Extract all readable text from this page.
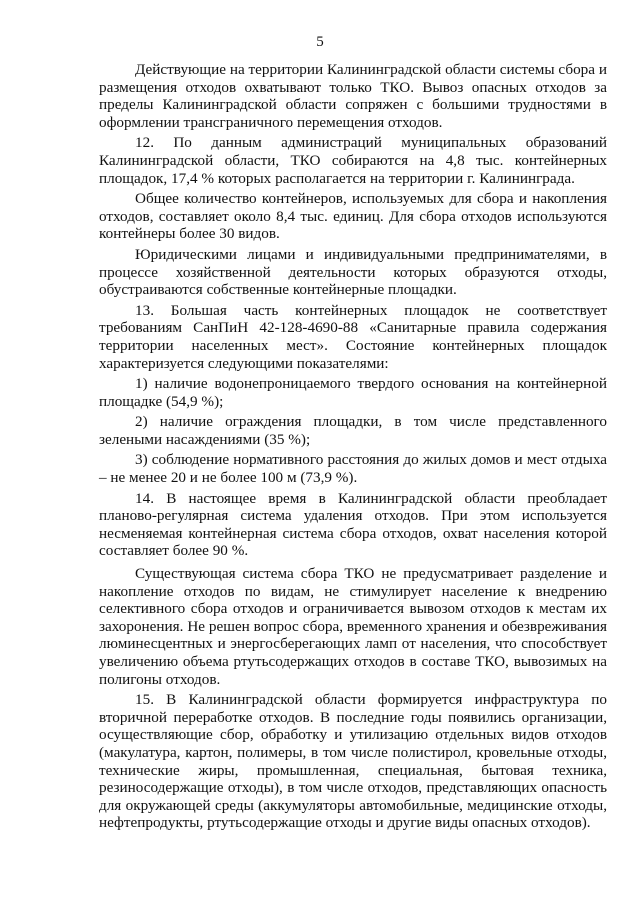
5

Действующие на территории Калининградской области системы сбора и размещения отходов охватывают только ТКО. Вывоз опасных отходов за пределы Калининградской области сопряжен с большими трудностями в оформлении трансграничного перемещения отходов.

12. По данным администраций муниципальных образований Калининградской области, ТКО собираются на 4,8 тыс. контейнерных площадок, 17,4 % которых располагается на территории г. Калининграда.

Общее количество контейнеров, используемых для сбора и накопления отходов, составляет около 8,4 тыс. единиц. Для сбора отходов используются контейнеры более 30 видов.

Юридическими лицами и индивидуальными предпринимателями, в процессе хозяйственной деятельности которых образуются отходы, обустраиваются собственные контейнерные площадки.

13. Большая часть контейнерных площадок не соответствует требованиям СанПиН 42-128-4690-88 «Санитарные правила содержания территории населенных мест». Состояние контейнерных площадок характеризуется следующими показателями:

1) наличие водонепроницаемого твердого основания на контейнерной площадке (54,9 %);

2) наличие ограждения площадки, в том числе представленного зелеными насаждениями (35 %);

3) соблюдение нормативного расстояния до жилых домов и мест отдыха – не менее 20 и не более 100 м (73,9 %).

14. В настоящее время в Калининградской области преобладает планово-регулярная система удаления отходов. При этом используется несменяемая контейнерная система сбора отходов, охват населения которой составляет более 90 %.

Существующая система сбора ТКО не предусматривает разделение и накопление отходов по видам, не стимулирует население к внедрению селективного сбора отходов и ограничивается вывозом отходов к местам их захоронения. Не решен вопрос сбора, временного хранения и обезвреживания люминесцентных и энергосберегающих ламп от населения, что способствует увеличению объема ртутьсодержащих отходов в составе ТКО, вывозимых на полигоны отходов.

15. В Калининградской области формируется инфраструктура по вторичной переработке отходов. В последние годы появились организации, осуществляющие сбор, обработку и утилизацию отдельных видов отходов (макулатура, картон, полимеры, в том числе полистирол, кровельные отходы, технические жиры, промышленная, специальная, бытовая техника, резиносодержащие отходы), в том числе отходов, представляющих опасность для окружающей среды (аккумуляторы автомобильные, медицинские отходы, нефтепродукты, ртутьсодержащие отходы и другие виды опасных отходов).
